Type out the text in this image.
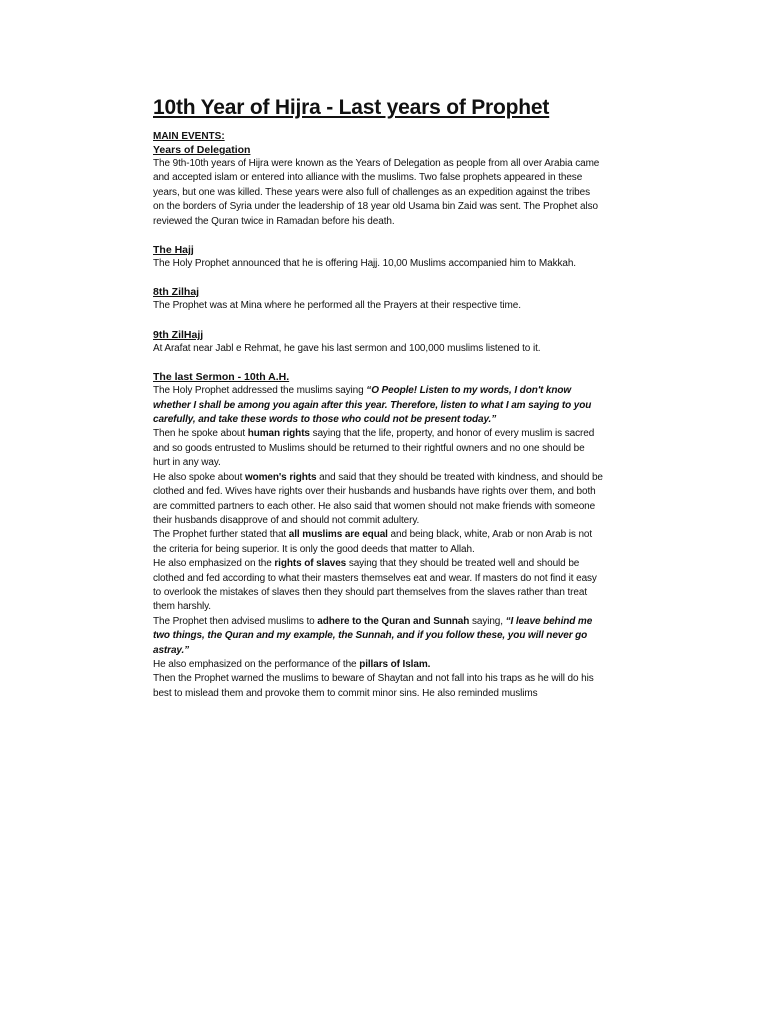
10th Year of Hijra - Last years of Prophet

MAIN EVENTS:

Years of Delegation

The 9th-10th years of Hijra were known as the Years of Delegation as people from all over Arabia came and accepted islam or entered into alliance with the muslims. Two false prophets appeared in these years, but one was killed. These years were also full of challenges as an expedition against the tribes on the borders of Syria under the leadership of 18 year old Usama bin Zaid was sent. The Prophet also reviewed the Quran twice in Ramadan before his death.

The Hajj

The Holy Prophet announced that he is offering Hajj. 10,00 Muslims accompanied him to Makkah.

8th Zilhaj

The Prophet was at Mina where he performed all the Prayers at their respective time.

9th ZilHajj

At Arafat near Jabl e Rehmat, he gave his last sermon and 100,000 muslims listened to it.

The last Sermon - 10th A.H.

The Holy Prophet addressed the muslims saying “O People! Listen to my words, I don't know whether I shall be among you again after this year. Therefore, listen to what I am saying to you carefully, and take these words to those who could not be present today.”

Then he spoke about human rights saying that the life, property, and honor of every muslim is sacred and so goods entrusted to Muslims should be returned to their rightful owners and no one should be hurt in any way.

He also spoke about women's rights and said that they should be treated with kindness, and should be clothed and fed. Wives have rights over their husbands and husbands have rights over them, and both are committed partners to each other. He also said that women should not make friends with someone their husbands disapprove of and should not commit adultery.

The Prophet further stated that all muslims are equal and being black, white, Arab or non Arab is not the criteria for being superior. It is only the good deeds that matter to Allah.

He also emphasized on the rights of slaves saying that they should be treated well and should be clothed and fed according to what their masters themselves eat and wear. If masters do not find it easy to overlook the mistakes of slaves then they should part themselves from the slaves rather than treat them harshly.

The Prophet then advised muslims to adhere to the Quran and Sunnah saying, “I leave behind me two things, the Quran and my example, the Sunnah, and if you follow these, you will never go astray.”

He also emphasized on the performance of the pillars of Islam.

Then the Prophet warned the muslims to beware of Shaytan and not fall into his traps as he will do his best to mislead them and provoke them to commit minor sins. He also reminded muslims
